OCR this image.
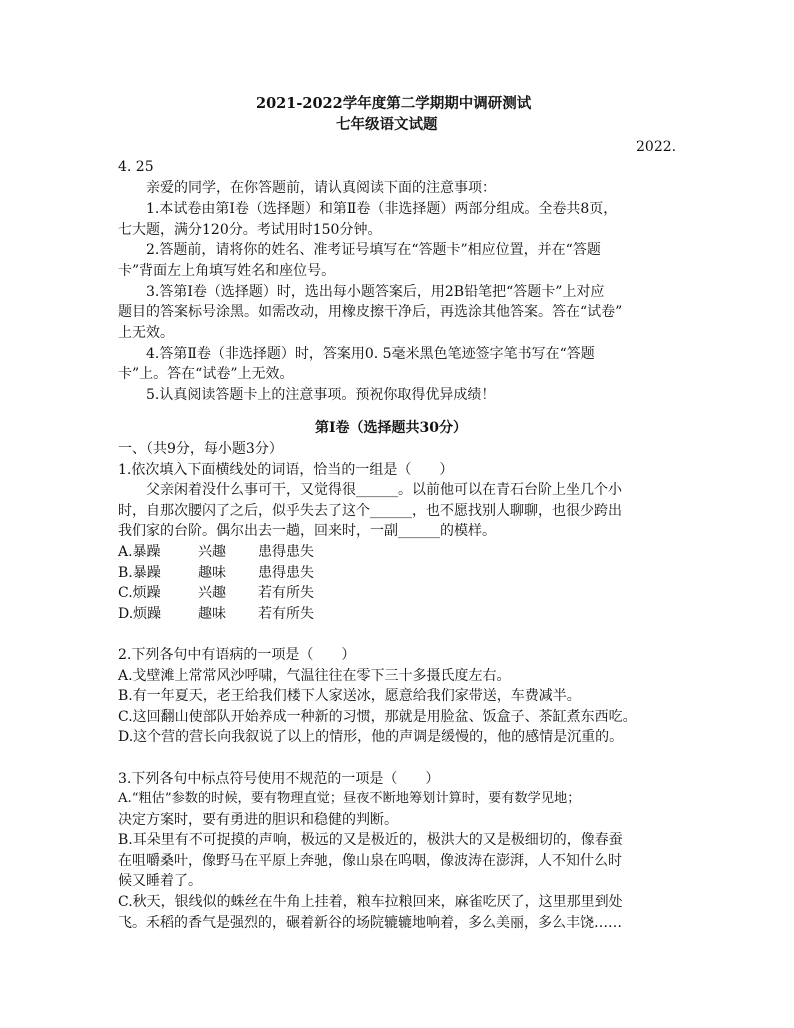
2021-2022学年度第二学期期中调研测试
七年级语文试题
2022.
4. 25
亲爱的同学，在你答题前，请认真阅读下面的注意事项：
1.本试卷由第Ⅰ卷（选择题）和第Ⅱ卷（非选择题）两部分组成。全卷共8页，
七大题，满分120分。考试用时150分钟。
2.答题前，请将你的姓名、准考证号填写在“答题卡”相应位置，并在“答题
卡”背面左上角填写姓名和座位号。
3.答第Ⅰ卷（选择题）时，选出每小题答案后，用2B铅笔把“答题卡”上对应
题目的答案标号涂黑。如需改动，用橡皮擦干净后，再选涂其他答案。答在“试卷”
上无效。
4.答第Ⅱ卷（非选择题）时，答案用0. 5毫米黑色笔迹签字笔书写在“答题
卡”上。答在“试卷”上无效。
5.认真阅读答题卡上的注意事项。预祝你取得优异成绩！
第Ⅰ卷（选择题共30分）
一、（共9分，每小题3分）
1.依次填入下面横线处的词语，恰当的一组是（　　）
父亲闲着没什么事可干，又觉得很______。以前他可以在青石台阶上坐几个小
时，自那次腰闪了之后，似乎失去了这个______，也不愿找别人聊聊，也很少跨出
我们家的台阶。偶尔出去一趟，回来时，一副______的模样。
A.暴躁	兴趣 患得患失
B.暴躁	趣味 患得患失
C.烦躁	兴趣 若有所失
D.烦躁	趣味 若有所失
2.下列各句中有语病的一项是（　　）
A.戈壁滩上常常风沙呼啸，气温往往在零下三十多摄氏度左右。
B.有一年夏天，老王给我们楼下人家送冰，愿意给我们家带送，车费减半。
C.这回翻山使部队开始养成一种新的习惯，那就是用脸盆、饭盒子、茶缸煮东西吃。
D.这个营的营长向我叙说了以上的情形，他的声调是缓慢的，他的感情是沉重的。
3.下列各句中标点符号使用不规范的一项是（　　）
A.“粗估”参数的时候，要有物理直觉；昼夜不断地筹划计算时，要有数学见地；
决定方案时，要有勇进的胆识和稳健的判断。
B.耳朵里有不可捉摸的声响，极远的又是极近的，极洪大的又是极细切的，像春蚕
在咀嚼桑叶，像野马在平原上奔驰，像山泉在呜咽，像波涛在澎湃，人不知什么时
候又睡着了。
C.秋天，银线似的蛛丝在牛角上挂着，粮车拉粮回来，麻雀吃厌了，这里那里到处
飞。禾稻的香气是强烈的，碾着新谷的场院辘辘地响着，多么美丽，多么丰饶……
